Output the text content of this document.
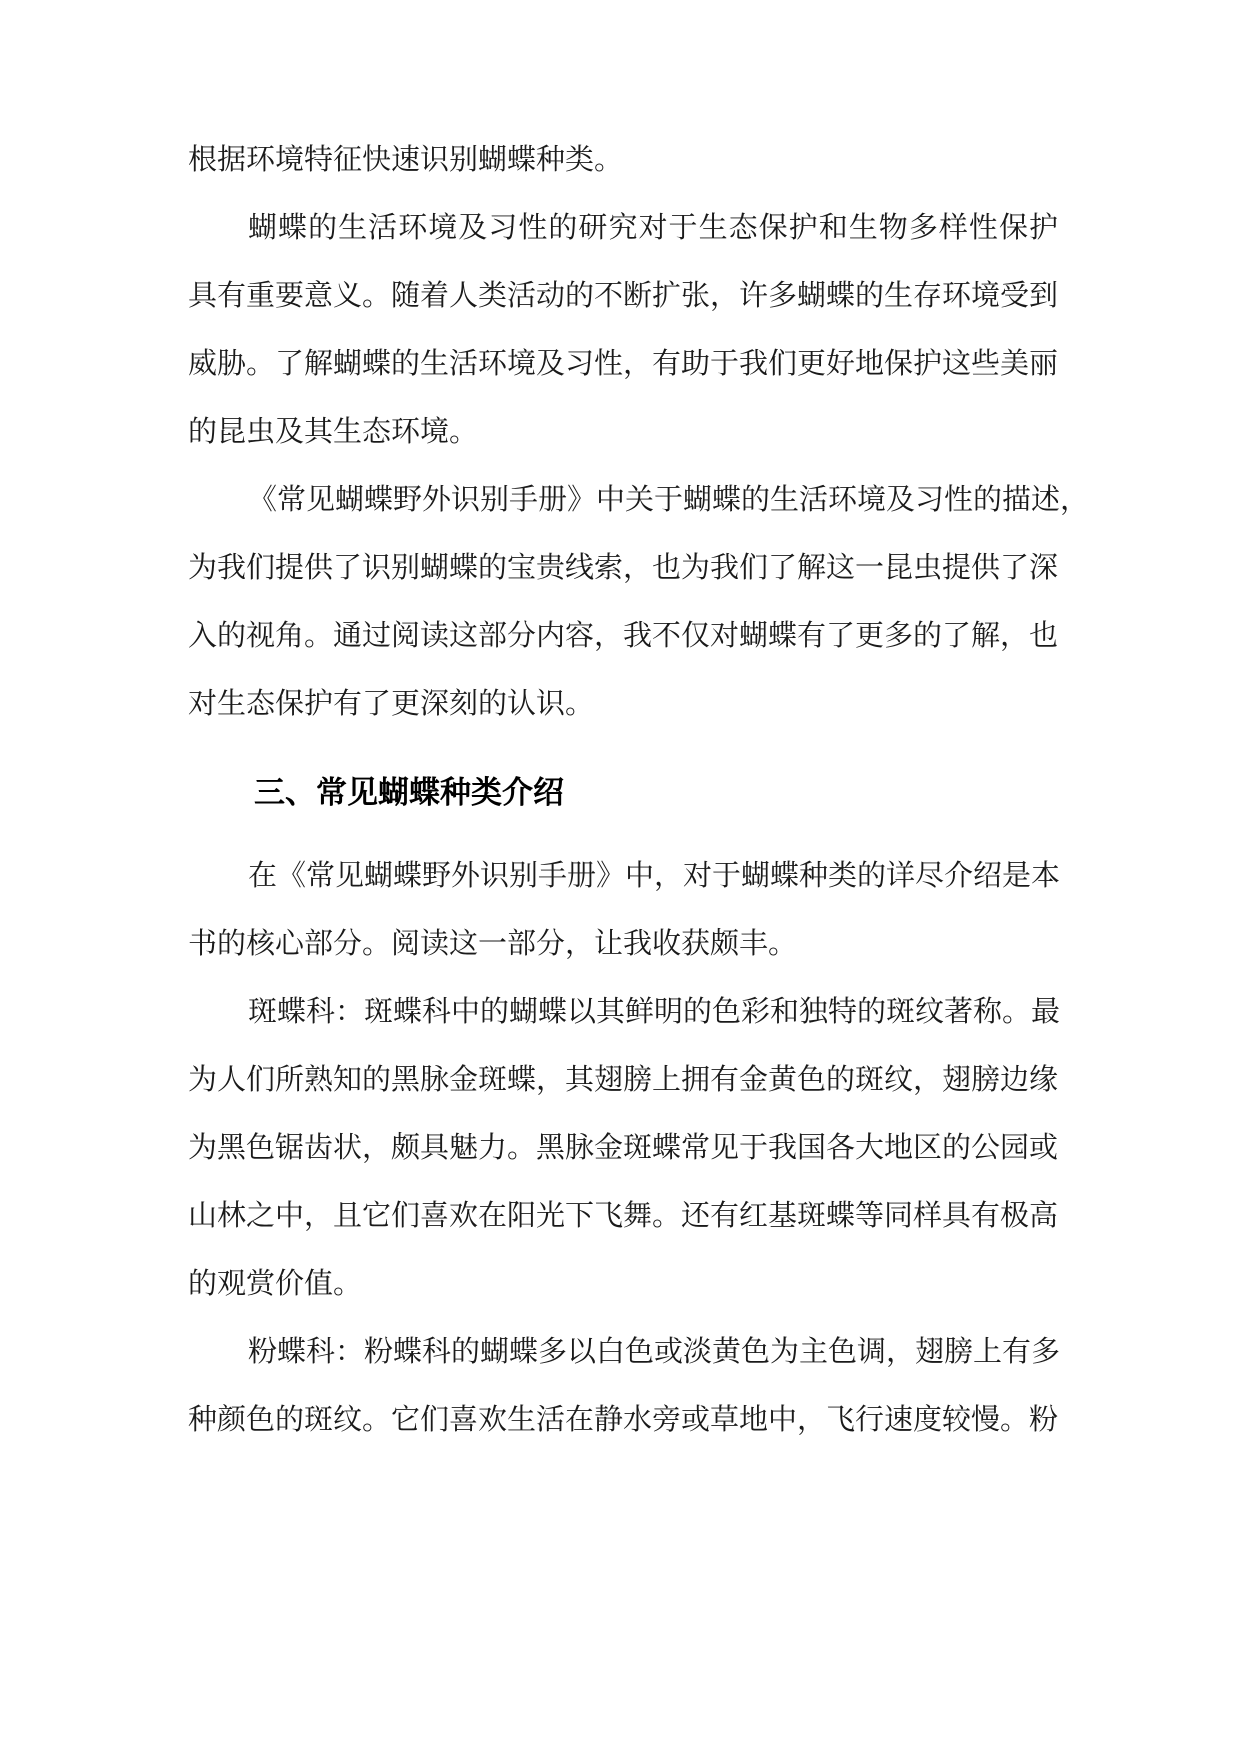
根据环境特征快速识别蝴蝶种类。

蝴蝶的生活环境及习性的研究对于生态保护和生物多样性保护

具有重要意义。随着人类活动的不断扩张，许多蝴蝶的生存环境受到

威胁。了解蝴蝶的生活环境及习性，有助于我们更好地保护这些美丽

的昆虫及其生态环境。

《常见蝴蝶野外识别手册》中关于蝴蝶的生活环境及习性的描述，

为我们提供了识别蝴蝶的宝贵线索，也为我们了解这一昆虫提供了深

入的视角。通过阅读这部分内容，我不仅对蝴蝶有了更多的了解，也

对生态保护有了更深刻的认识。

三、常见蝴蝶种类介绍

在《常见蝴蝶野外识别手册》中，对于蝴蝶种类的详尽介绍是本

书的核心部分。阅读这一部分，让我收获颇丰。

斑蝶科：斑蝶科中的蝴蝶以其鲜明的色彩和独特的斑纹著称。最

为人们所熟知的黑脉金斑蝶，其翅膀上拥有金黄色的斑纹，翅膀边缘

为黑色锯齿状，颇具魅力。黑脉金斑蝶常见于我国各大地区的公园或

山林之中，且它们喜欢在阳光下飞舞。还有红基斑蝶等同样具有极高

的观赏价值。

粉蝶科：粉蝶科的蝴蝶多以白色或淡黄色为主色调，翅膀上有多

种颜色的斑纹。它们喜欢生活在静水旁或草地中，飞行速度较慢。粉
